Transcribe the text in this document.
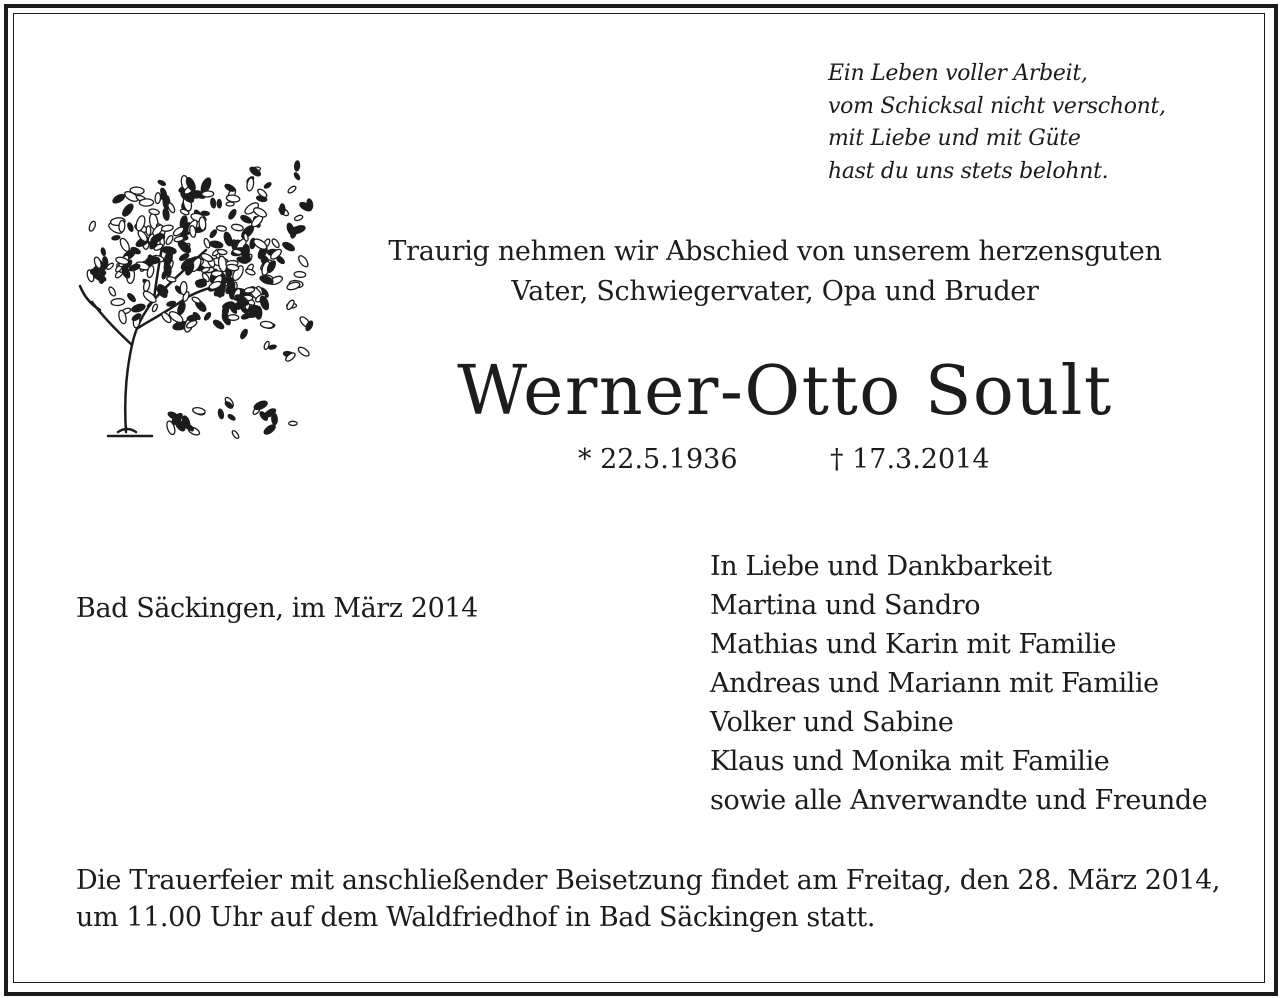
Ein Leben voller Arbeit,
vom Schicksal nicht verschont,
mit Liebe und mit Güte
hast du uns stets belohnt.
Traurig nehmen wir Abschied von unserem herzensguten
Vater, Schwiegervater, Opa und Bruder
Werner-Otto Soult
* 22.5.1936	† 17.3.2014
Bad Säckingen, im März 2014
In Liebe und Dankbarkeit
Martina und Sandro
Mathias und Karin mit Familie
Andreas und Mariann mit Familie
Volker und Sabine
Klaus und Monika mit Familie
sowie alle Anverwandte und Freunde
Die Trauerfeier mit anschließender Beisetzung findet am Freitag, den 28. März 2014,
um 11.00 Uhr auf dem Waldfriedhof in Bad Säckingen statt.
